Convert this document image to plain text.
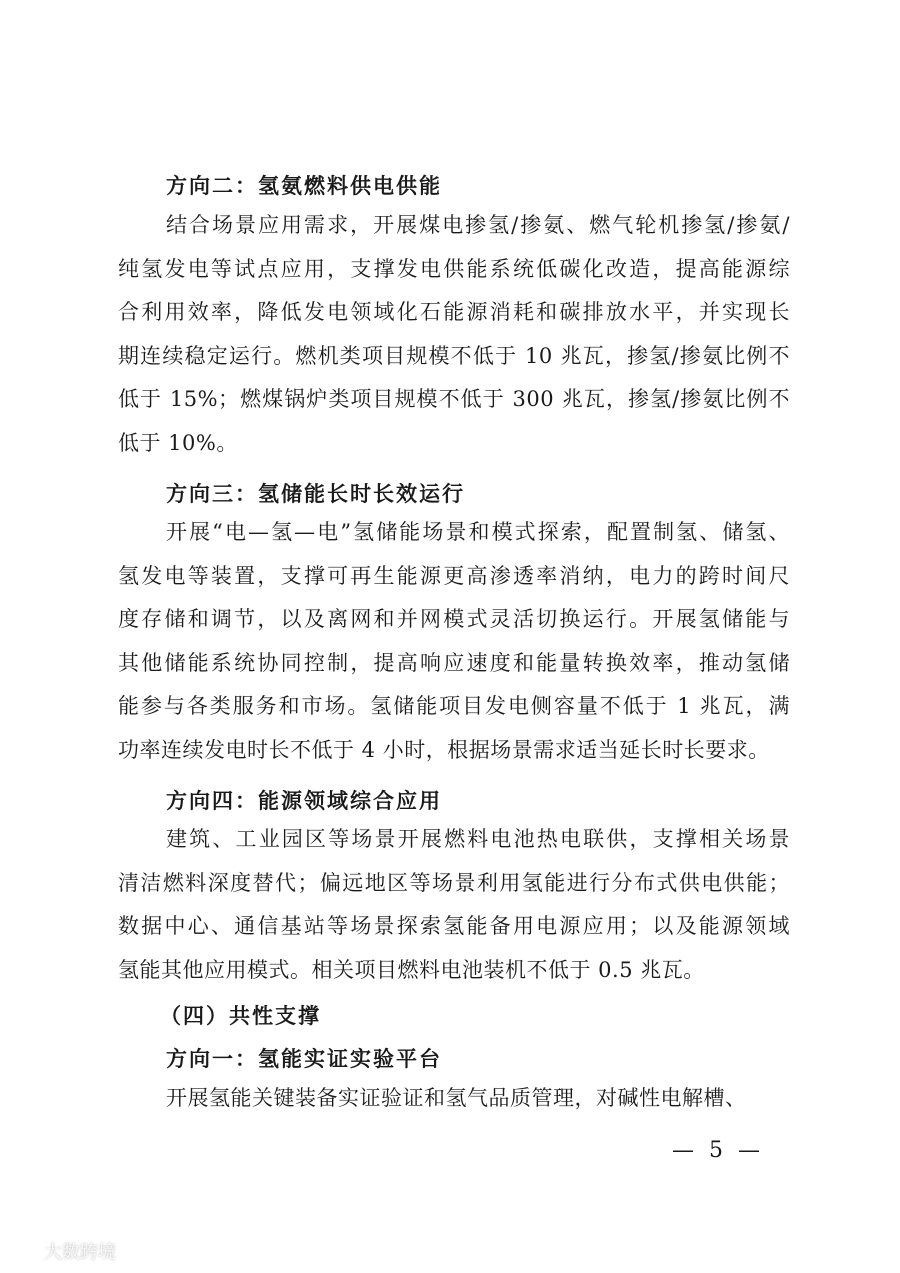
方向二：氢氨燃料供电供能
结合场景应用需求，开展煤电掺氢/掺氨、燃气轮机掺氢/掺氨/
纯氢发电等试点应用，支撑发电供能系统低碳化改造，提高能源综
合利用效率，降低发电领域化石能源消耗和碳排放水平，并实现长
期连续稳定运行。燃机类项目规模不低于 10 兆瓦，掺氢/掺氨比例不
低于 15%；燃煤锅炉类项目规模不低于 300 兆瓦，掺氢/掺氨比例不
低于 10%。
方向三：氢储能长时长效运行
开展“电—氢—电”氢储能场景和模式探索，配置制氢、储氢、
氢发电等装置，支撑可再生能源更高渗透率消纳，电力的跨时间尺
度存储和调节，以及离网和并网模式灵活切换运行。开展氢储能与
其他储能系统协同控制，提高响应速度和能量转换效率，推动氢储
能参与各类服务和市场。氢储能项目发电侧容量不低于 1 兆瓦，满
功率连续发电时长不低于 4 小时，根据场景需求适当延长时长要求。
方向四：能源领域综合应用
建筑、工业园区等场景开展燃料电池热电联供，支撑相关场景
清洁燃料深度替代；偏远地区等场景利用氢能进行分布式供电供能；
数据中心、通信基站等场景探索氢能备用电源应用；以及能源领域
氢能其他应用模式。相关项目燃料电池装机不低于 0.5 兆瓦。
（四）共性支撑
方向一：氢能实证实验平台
开展氢能关键装备实证验证和氢气品质管理，对碱性电解槽、
— 5 —
大数跨境
